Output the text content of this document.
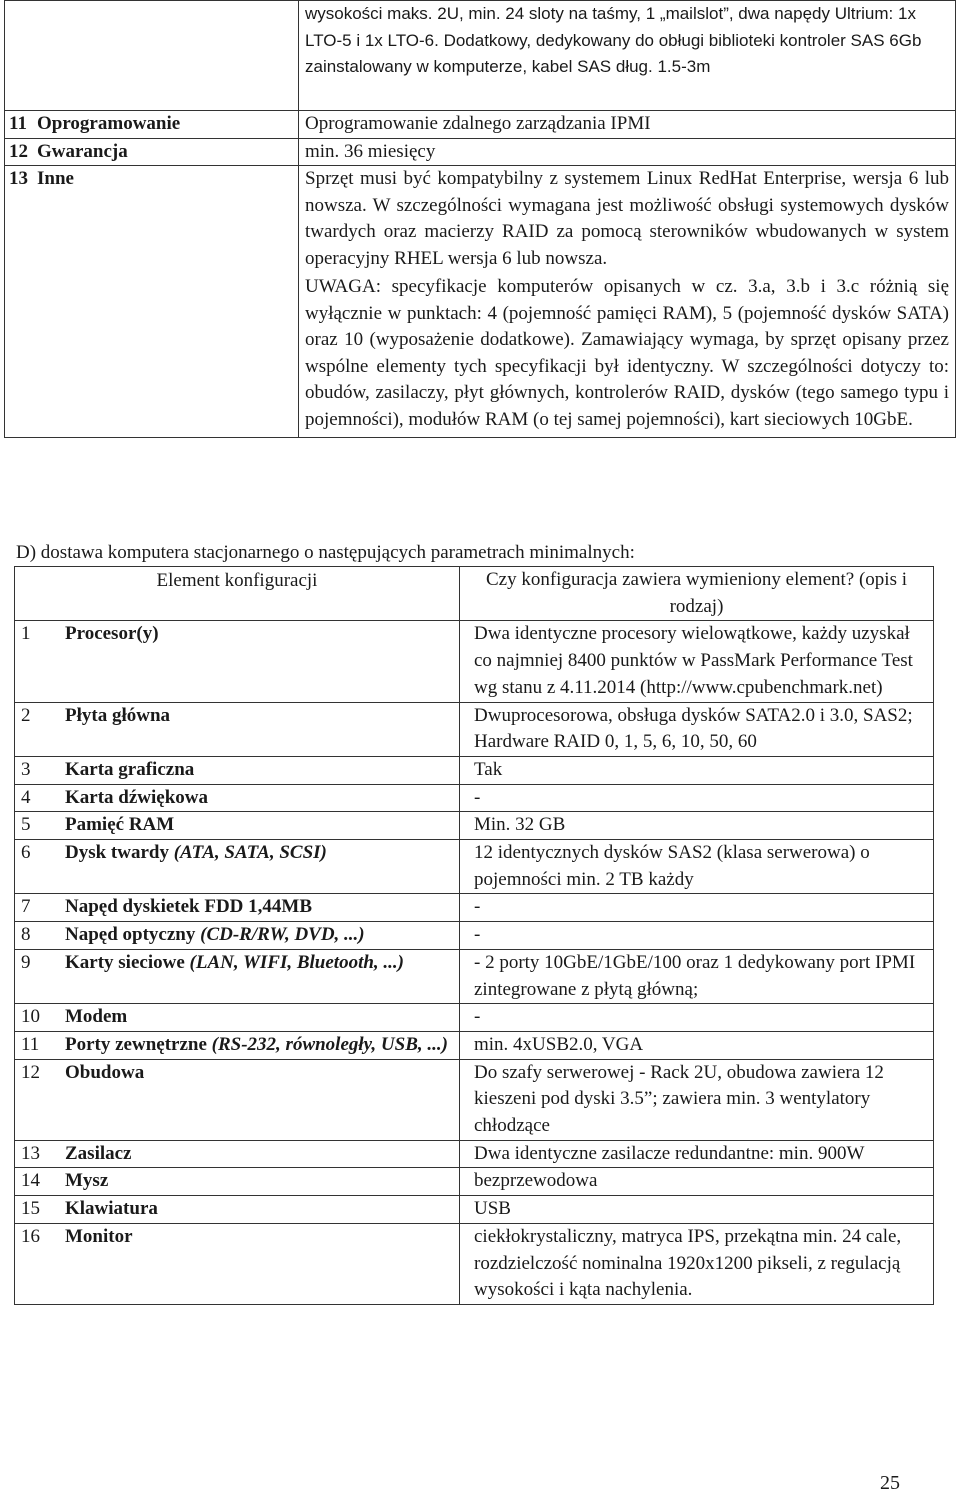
		wysokości maks. 2U, min. 24 sloty na taśmy, 1 „mailslot”, dwa napędy Ultrium: 1x LTO-5 i 1x LTO-6. Dodatkowy, dedykowany do obługi biblioteki kontroler SAS 6Gb zainstalowany w komputerze, kabel SAS dług. 1.5-3m
11	Oprogramowanie	Oprogramowanie zdalnego zarządzania IPMI
12	Gwarancja	min. 36 miesięcy
13	Inne	Sprzęt musi być kompatybilny z systemem Linux RedHat Enterprise, wersja 6 lub nowsza. W szczególności wymagana jest możliwość obsługi systemowych dysków twardych oraz macierzy RAID za pomocą sterowników wbudowanych w system operacyjny RHEL wersja 6 lub nowsza.
UWAGA: specyfikacje komputerów opisanych w cz. 3.a, 3.b i 3.c różnią się wyłącznie w punktach: 4 (pojemność pamięci RAM), 5 (pojemność dysków SATA) oraz 10 (wyposażenie dodatkowe). Zamawiający wymaga, by sprzęt opisany przez wspólne elementy tych specyfikacji był identyczny. W szczególności dotyczy to: obudów, zasilaczy, płyt głównych, kontrolerów RAID, dysków (tego samego typu i pojemności), modułów RAM (o tej samej pojemności), kart sieciowych 10GbE.
D) dostawa komputera stacjonarnego o następujących parametrach minimalnych:
Element konfiguracji		Czy konfiguracja zawiera wymieniony element? (opis i rodzaj)
1	Procesor(y)	Dwa identyczne procesory wielowątkowe, każdy uzyskał co najmniej 8400 punktów w PassMark Performance Test wg stanu z 4.11.2014 (http://www.cpubenchmark.net)
2	Płyta główna	Dwuprocesorowa, obsługa dysków SATA2.0 i 3.0, SAS2; Hardware RAID 0, 1, 5, 6, 10, 50, 60
3	Karta graficzna	Tak
4	Karta dźwiękowa	-
5	Pamięć RAM	Min. 32 GB
6	Dysk twardy (ATA, SATA, SCSI)	12 identycznych dysków SAS2 (klasa serwerowa) o pojemności min. 2 TB każdy
7	Napęd dyskietek FDD 1,44MB	-
8	Napęd optyczny (CD-R/RW, DVD, ...)	-
9	Karty sieciowe (LAN, WIFI, Bluetooth, ...)	- 2 porty 10GbE/1GbE/100 oraz 1 dedykowany port IPMI zintegrowane z płytą główną;
10	Modem	-
11	Porty zewnętrzne (RS-232, równoległy, USB, ...)	min. 4xUSB2.0, VGA
12	Obudowa	Do szafy serwerowej - Rack 2U, obudowa zawiera 12 kieszeni pod dyski 3.5”; zawiera min. 3 wentylatory chłodzące
13	Zasilacz	Dwa identyczne zasilacze redundantne: min. 900W
14	Mysz	bezprzewodowa
15	Klawiatura	USB
16	Monitor	ciekłokrystaliczny, matryca IPS, przekątna min. 24 cale, rozdzielczość nominalna 1920x1200 pikseli, z regulacją wysokości i kąta nachylenia.
25
